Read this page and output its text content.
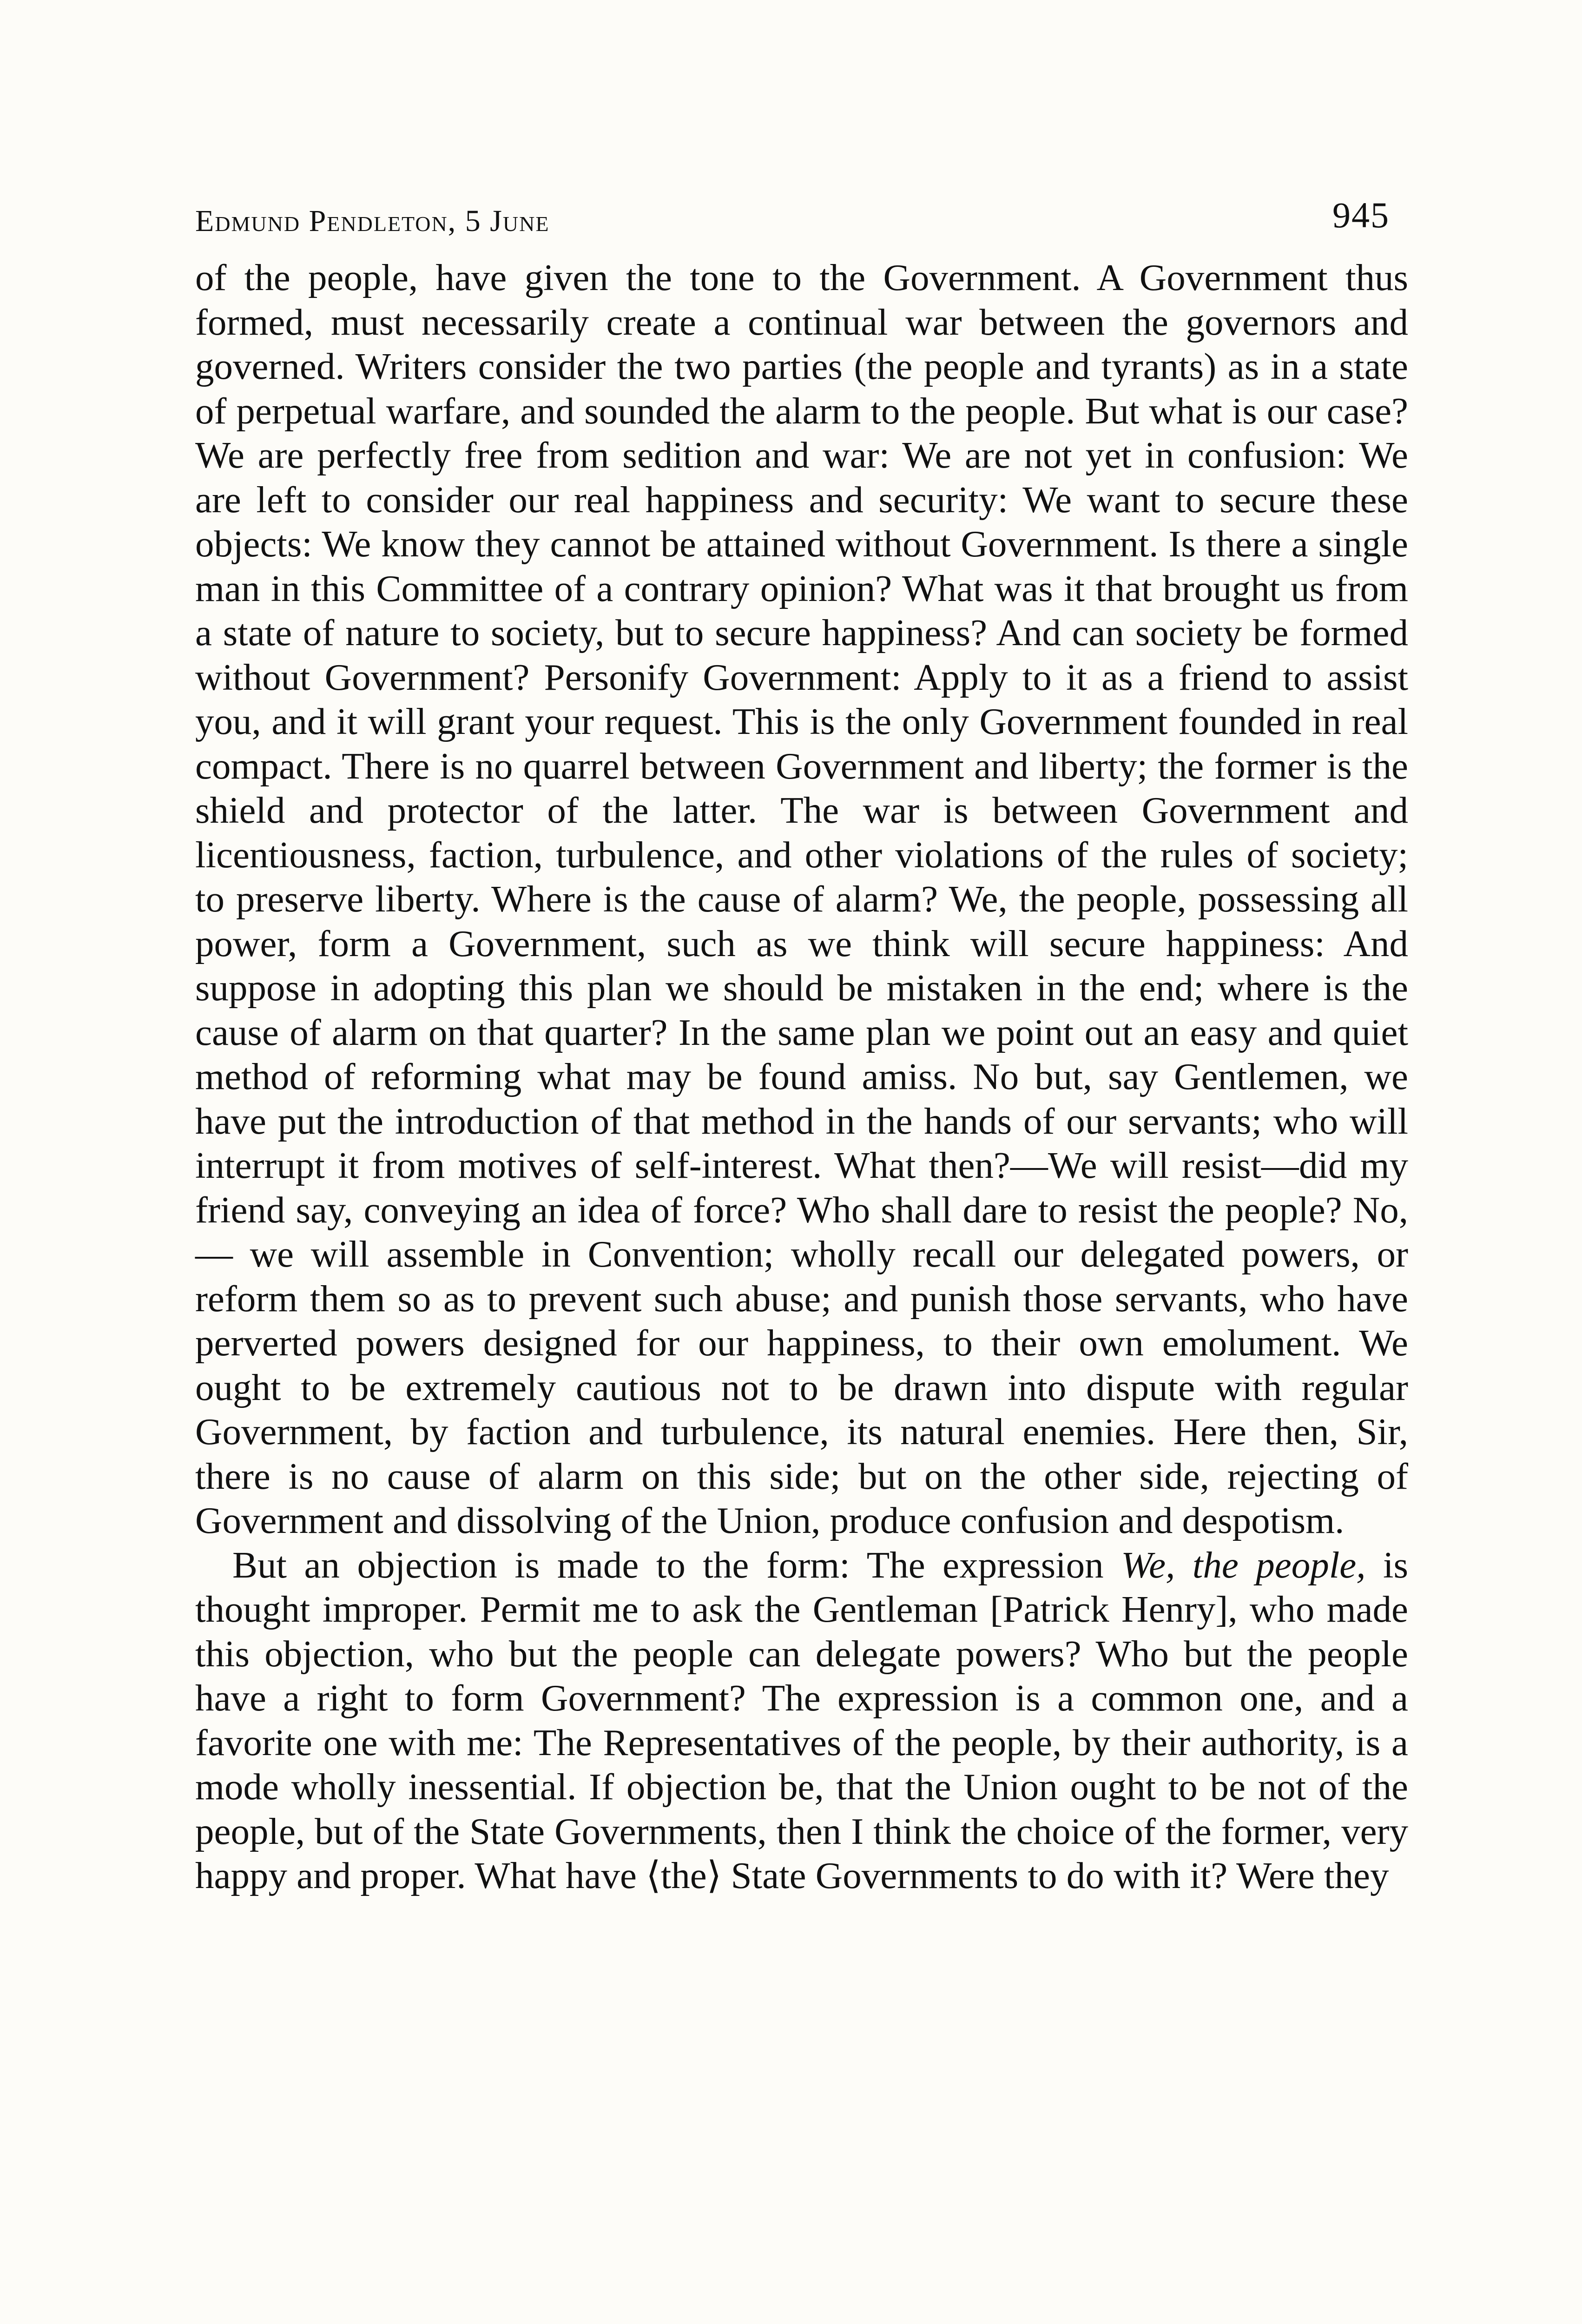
Edmund Pendleton, 5 June	945

of the people, have given the tone to the Government. A Government thus formed, must necessarily create a continual war between the governors and governed. Writers consider the two parties (the people and tyrants) as in a state of perpetual warfare, and sounded the alarm to the people. But what is our case? We are perfectly free from sedition and war: We are not yet in confusion: We are left to consider our real happiness and security: We want to secure these objects: We know they cannot be attained without Government. Is there a single man in this Committee of a contrary opinion? What was it that brought us from a state of nature to society, but to secure happiness? And can society be formed without Government? Personify Government: Apply to it as a friend to assist you, and it will grant your request. This is the only Government founded in real compact. There is no quarrel between Government and liberty; the former is the shield and protector of the latter. The war is between Government and licentiousness, faction, turbulence, and other violations of the rules of society; to preserve liberty. Where is the cause of alarm? We, the people, possessing all power, form a Government, such as we think will secure happiness: And suppose in adopting this plan we should be mistaken in the end; where is the cause of alarm on that quarter? In the same plan we point out an easy and quiet method of reforming what may be found amiss. No but, say Gentlemen, we have put the introduction of that method in the hands of our servants; who will interrupt it from motives of self-interest. What then?—We will resist—did my friend say, conveying an idea of force? Who shall dare to resist the people? No,— we will assemble in Convention; wholly recall our delegated powers, or reform them so as to prevent such abuse; and punish those servants, who have perverted powers designed for our happiness, to their own emolument. We ought to be extremely cautious not to be drawn into dispute with regular Government, by faction and turbulence, its natural enemies. Here then, Sir, there is no cause of alarm on this side; but on the other side, rejecting of Government and dissolving of the Union, produce confusion and despotism.

But an objection is made to the form: The expression We, the people, is thought improper. Permit me to ask the Gentleman [Patrick Henry], who made this objection, who but the people can delegate powers? Who but the people have a right to form Government? The expression is a common one, and a favorite one with me: The Representatives of the people, by their authority, is a mode wholly inessential. If objection be, that the Union ought to be not of the people, but of the State Governments, then I think the choice of the former, very happy and proper. What have ⟨the⟩ State Governments to do with it? Were they
